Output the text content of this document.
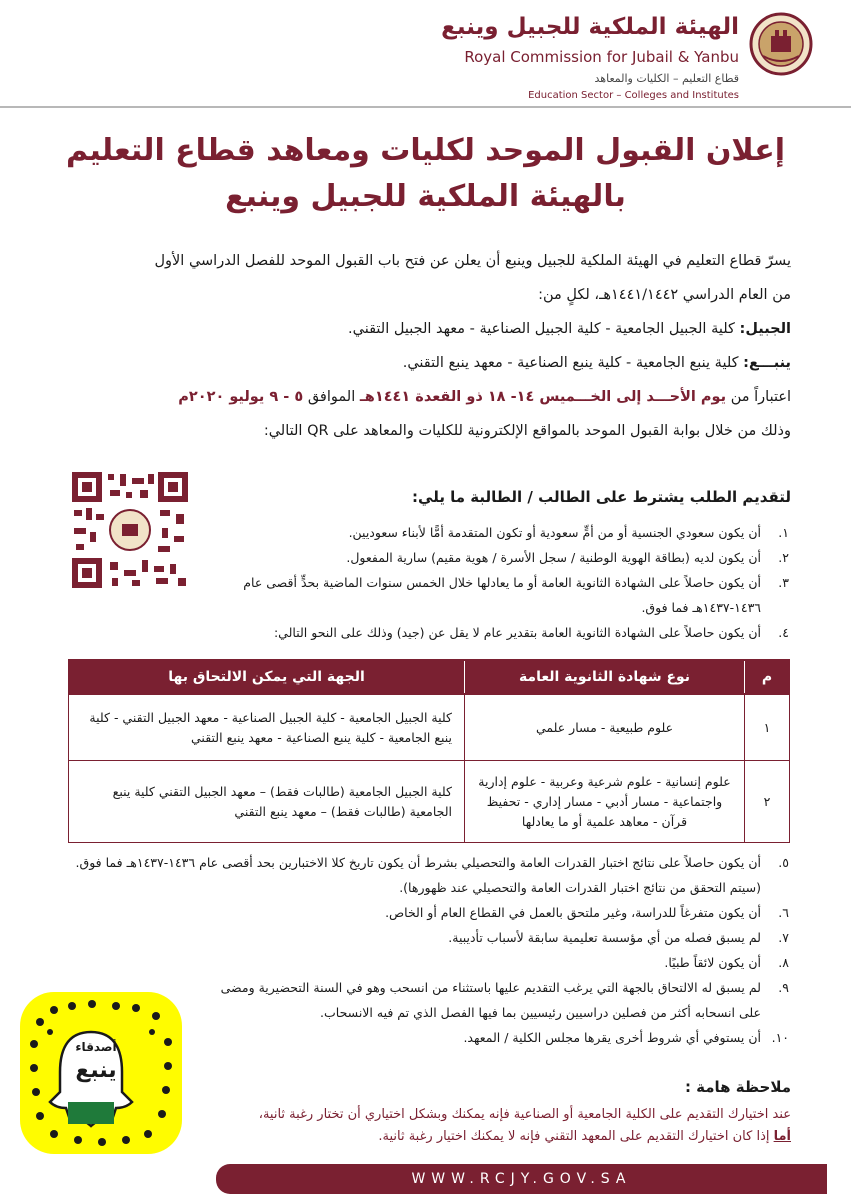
الهيئة الملكية للجبيل وينبع
Royal Commission for Jubail & Yanbu
قطاع التعليم – الكليات والمعاهد
Education Sector – Colleges and Institutes
إعلان القبول الموحد لكليات ومعاهد قطاع التعليم
بالهيئة الملكية للجبيل وينبع
يسرّ قطاع التعليم في الهيئة الملكية للجبيل وينبع أن يعلن عن فتح باب القبول الموحد للفصل الدراسي الأول
من العام الدراسي ١٤٤١/١٤٤٢هـ، لكلٍ من:
الجبيل: كلية الجبيل الجامعية - كلية الجبيل الصناعية - معهد الجبيل التقني.
ينبـــع: كلية ينبع الجامعية - كلية ينبع الصناعية - معهد ينبع التقني.
اعتباراً من يوم الأحـــد إلى الخـــميس ١٤- ١٨ ذو القعدة ١٤٤١هـ الموافق ٥ - ٩ يوليو ٢٠٢٠م
وذلك من خلال بوابة القبول الموحد بالمواقع الإلكترونية للكليات والمعاهد على QR التالي:
لتقديم الطلب يشترط على الطالب / الطالبة ما يلي:
١.
أن يكون سعودي الجنسية أو من أمٍّ سعودية أو تكون المتقدمة أمًّا لأبناء سعوديين.
٢.
أن يكون لديه (بطاقة الهوية الوطنية / سجل الأسرة / هوية مقيم) سارية المفعول.
٣.
أن يكون حاصلاً على الشهادة الثانوية العامة أو ما يعادلها خلال الخمس سنوات الماضية بحدٍّ أقصى عام ١٤٣٦-١٤٣٧هـ فما فوق.
٤.
أن يكون حاصلاً على الشهادة الثانوية العامة بتقدير عام لا يقل عن (جيد) وذلك على النحو التالي:
م
نوع شهادة الثانوية العامة
الجهة التي يمكن الالتحاق بها
١
علوم طبيعية - مسار علمي
كلية الجبيل الجامعية - كلية الجبيل الصناعية - معهد الجبيل التقني - كلية ينبع الجامعية - كلية ينبع الصناعية - معهد ينبع التقني
٢
علوم إنسانية - علوم شرعية وعربية - علوم إدارية واجتماعية - مسار أدبي - مسار إداري - تحفيظ قرآن - معاهد علمية أو ما يعادلها
كلية الجبيل الجامعية (طالبات فقط) – معهد الجبيل التقني كلية ينبع الجامعية (طالبات فقط) – معهد ينبع التقني
٥.
أن يكون حاصلاً على نتائج اختبار القدرات العامة والتحصيلي بشرط أن يكون تاريخ كلا الاختبارين بحد أقصى عام ١٤٣٦-١٤٣٧هـ فما فوق. (سيتم التحقق من نتائج اختبار القدرات العامة والتحصيلي عند ظهورها).
٦.
أن يكون متفرغاً للدراسة، وغير ملتحق بالعمل في القطاع العام أو الخاص.
٧.
لم يسبق فصله من أي مؤسسة تعليمية سابقة لأسباب تأديبية.
٨.
أن يكون لائقاً طبيًا.
٩.
لم يسبق له الالتحاق بالجهة التي يرغب التقديم عليها باستثناء من انسحب وهو في السنة التحضيرية ومضى على انسحابه أكثر من فصلين دراسيين رئيسيين بما فيها الفصل الذي تم فيه الانسحاب.
١٠.
أن يستوفي أي شروط أخرى يقرها مجلس الكلية / المعهد.
أصدقاء
ينبع
ملاحظة هامة :
عند اختيارك التقديم على الكلية الجامعية أو الصناعية فإنه يمكنك وبشكل اختياري أن تختار رغبة ثانية،
أما إذا كان اختيارك التقديم على المعهد التقني فإنه لا يمكنك اختيار رغبة ثانية.
WWW.RCJY.GOV.SA
